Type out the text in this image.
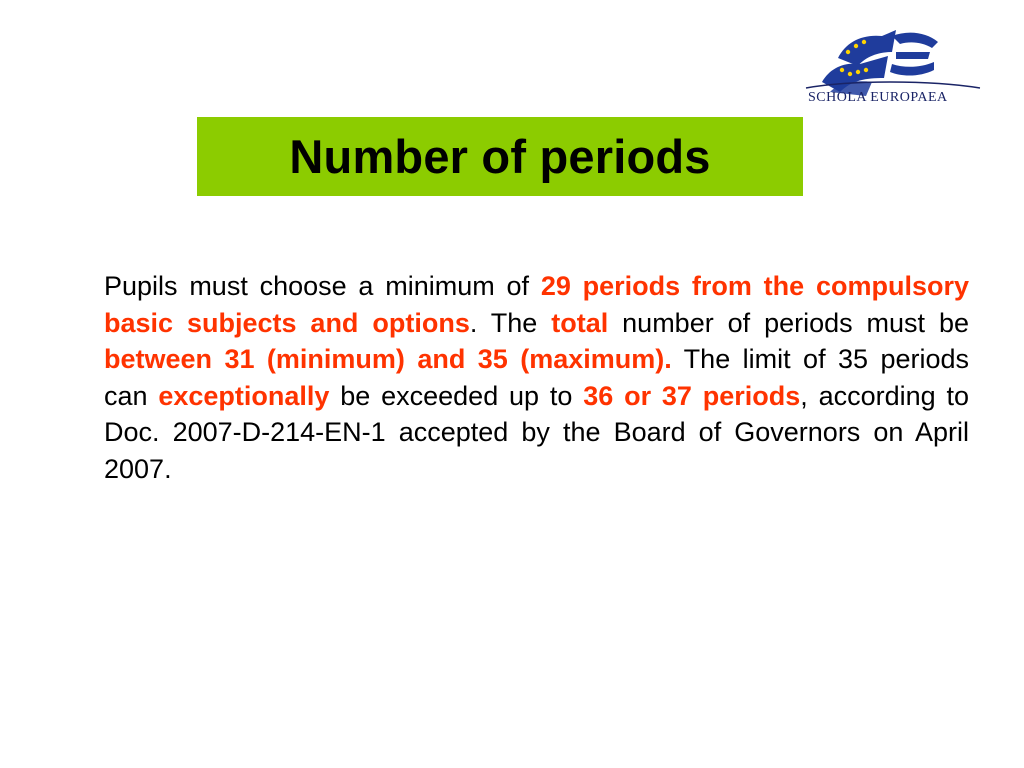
SCHOLA EUROPAEA
Number of periods

Pupils must choose a minimum of 29 periods from the compulsory basic subjects and options. The total number of periods must be between 31 (minimum) and 35 (maximum). The limit of 35 periods can exceptionally be exceeded up to 36 or 37 periods, according to Doc. 2007-D-214-EN-1 accepted by the Board of Governors on April 2007.
